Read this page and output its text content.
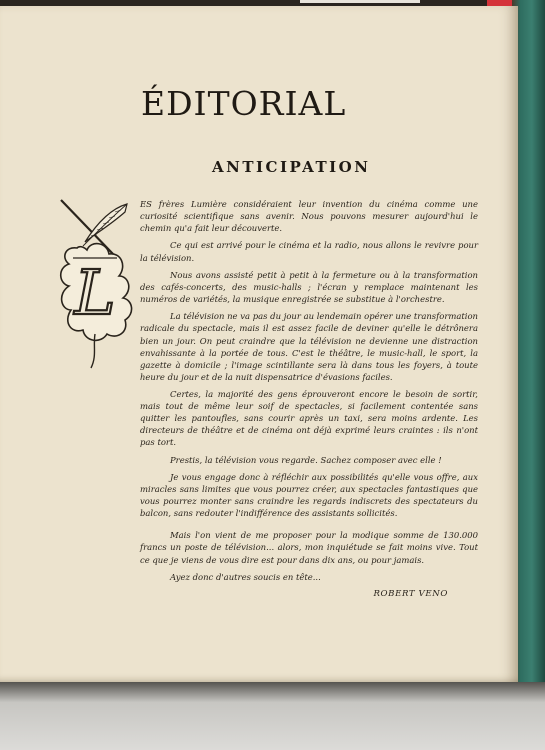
ÉDITORIAL
ANTICIPATION
L

ES frères Lumière considéraient leur invention du cinéma comme une curiosité scientifique sans avenir. Nous pouvons mesurer aujourd'hui le chemin qu'a fait leur découverte.

Ce qui est arrivé pour le cinéma et la radio, nous allons le revivre pour la télévision.

Nous avons assisté petit à petit à la fermeture ou à la transformation des cafés-concerts, des music-halls ; l'écran y remplace maintenant les numéros de variétés, la musique enregistrée se substitue à l'orchestre.

La télévision ne va pas du jour au lendemain opérer une transformation radicale du spectacle, mais il est assez facile de deviner qu'elle le détrônera bien un jour. On peut craindre que la télévision ne devienne une distraction envahissante à la portée de tous. C'est le théâtre, le music-hall, le sport, la gazette à domicile ; l'image scintillante sera là dans tous les foyers, à toute heure du jour et de la nuit dispensatrice d'évasions faciles.

Certes, la majorité des gens éprouveront encore le besoin de sortir, mais tout de même leur soif de spectacles, si facilement contentée sans quitter les pantoufles, sans courir après un taxi, sera moins ardente. Les directeurs de théâtre et de cinéma ont déjà exprimé leurs craintes : ils n'ont pas tort.

Prestis, la télévision vous regarde. Sachez composer avec elle !

Je vous engage donc à réfléchir aux possibilités qu'elle vous offre, aux miracles sans limites que vous pourrez créer, aux spectacles fantastiques que vous pourrez monter sans craindre les regards indiscrets des spectateurs du balcon, sans redouter l'indifférence des assistants sollicités.

Mais l'on vient de me proposer pour la modique somme de 130.000 francs un poste de télévision... alors, mon inquiétude se fait moins vive. Tout ce que je viens de vous dire est pour dans dix ans, ou pour jamais.

Ayez donc d'autres soucis en tête...

ROBERT VENO
